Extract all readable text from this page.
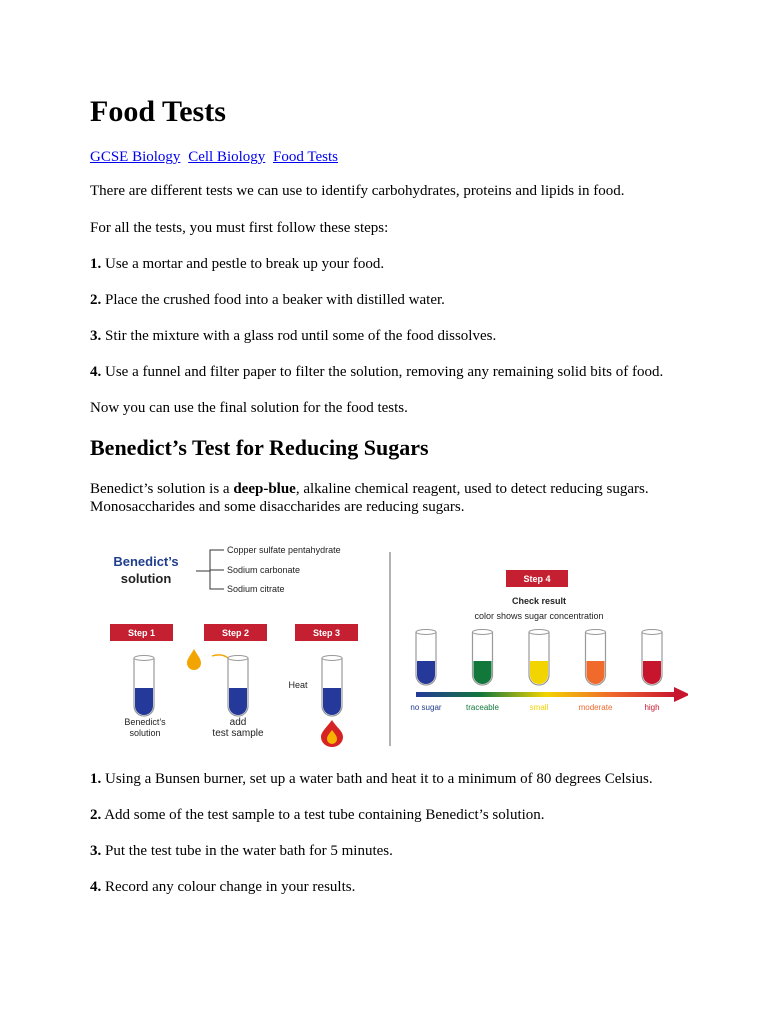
Food Tests
GCSE Biology Cell Biology Food Tests

There are different tests we can use to identify carbohydrates, proteins and lipids in food.

For all the tests, you must first follow these steps:

1. Use a mortar and pestle to break up your food.

2. Place the crushed food into a beaker with distilled water.

3. Stir the mixture with a glass rod until some of the food dissolves.

4. Use a funnel and filter paper to filter the solution, removing any remaining solid bits of food.

Now you can use the final solution for the food tests.

Benedict’s Test for Reducing Sugars

Benedict’s solution is a deep-blue, alkaline chemical reagent, used to detect reducing sugars. Monosaccharides and some disaccharides are reducing sugars.

Benedict’s
solution
Copper sulfate pentahydrate
Sodium carbonate
Sodium citrate
Step 1	Step 2	Step 3
Step 4
Benedict’s
solution
add
test sample
Heat
Check result
color shows sugar concentration
no sugar	traceable	small	moderate	high

1. Using a Bunsen burner, set up a water bath and heat it to a minimum of 80 degrees Celsius.

2. Add some of the test sample to a test tube containing Benedict’s solution.

3. Put the test tube in the water bath for 5 minutes.

4. Record any colour change in your results.
